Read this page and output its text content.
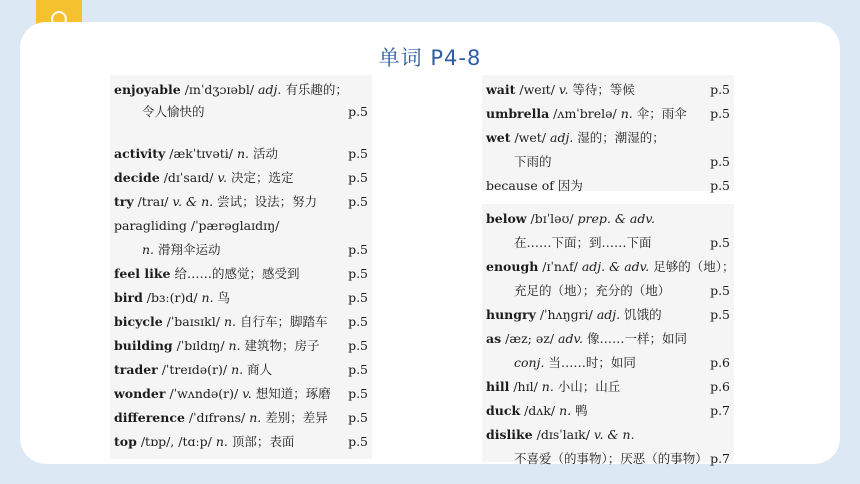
单词 P4-8
enjoyable /ɪnˈdʒɔɪəbl/ adj. 有乐趣的；
令人愉快的	p.5
activity /ækˈtɪvəti/ n. 活动	p.5
decide /dɪˈsaɪd/ v. 决定；选定	p.5
try /traɪ/ v. & n. 尝试；设法；努力 p.5
paragliding /ˈpærəglaɪdɪŋ/
n. 滑翔伞运动	p.5
feel like 给……的感觉；感受到	p.5
bird /bɜː(r)d/ n. 鸟	p.5
bicycle /ˈbaɪsɪkl/ n. 自行车；脚踏车 p.5
building /ˈbɪldɪŋ/ n. 建筑物；房子 p.5
trader /ˈtreɪdə(r)/ n. 商人	p.5
wonder /ˈwʌndə(r)/ v. 想知道；琢磨 p.5
difference /ˈdɪfrəns/ n. 差别；差异 p.5
top /tɒp/, /tɑːp/ n. 顶部；表面	p.5
wait /weɪt/ v. 等待；等候	p.5
umbrella /ʌmˈbrelə/ n. 伞；雨伞 p.5
wet /wet/ adj. 湿的；潮湿的；
下雨的	p.5
because of 因为	p.5
below /bɪˈləʊ/ prep. & adv.
在……下面；到……下面	p.5
enough /ɪˈnʌf/ adj. & adv. 足够的（地）；
充足的（地）；充分的（地）	p.5
hungry /ˈhʌŋgri/ adj. 饥饿的	p.5
as /æz; əz/ adv. 像……一样；如同
conj. 当……时；如同	p.6
hill /hɪl/ n. 小山；山丘	p.6
duck /dʌk/ n. 鸭	p.7
dislike /dɪsˈlaɪk/ v. & n.
不喜爱（的事物）；厌恶（的事物） p.7
